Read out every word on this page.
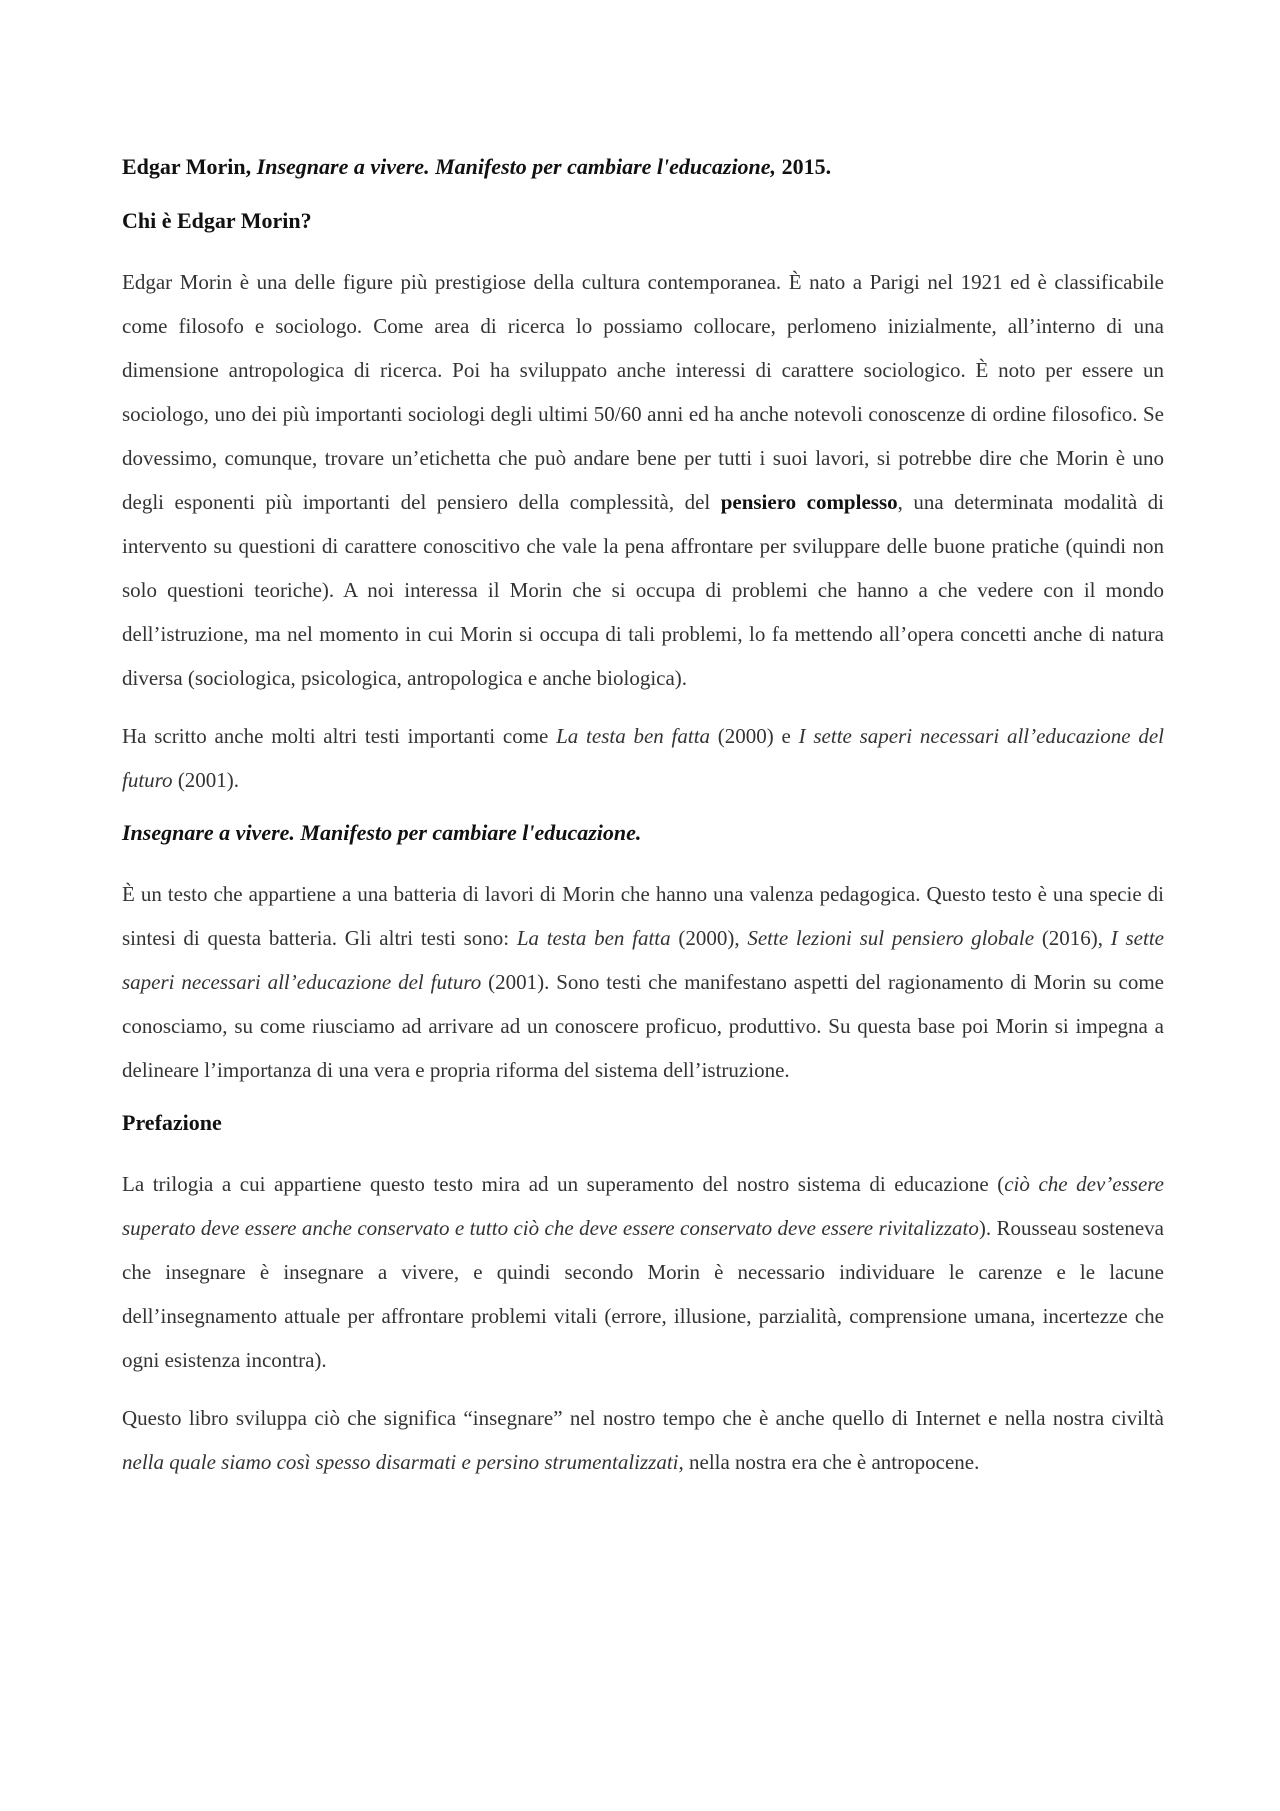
Edgar Morin, Insegnare a vivere. Manifesto per cambiare l'educazione, 2015.
Chi è Edgar Morin?

Edgar Morin è una delle figure più prestigiose della cultura contemporanea. È nato a Parigi nel 1921 ed è classificabile come filosofo e sociologo. Come area di ricerca lo possiamo collocare, perlomeno inizialmente, all’interno di una dimensione antropologica di ricerca. Poi ha sviluppato anche interessi di carattere sociologico. È noto per essere un sociologo, uno dei più importanti sociologi degli ultimi 50/60 anni ed ha anche notevoli conoscenze di ordine filosofico. Se dovessimo, comunque, trovare un’etichetta che può andare bene per tutti i suoi lavori, si potrebbe dire che Morin è uno degli esponenti più importanti del pensiero della complessità, del pensiero complesso, una determinata modalità di intervento su questioni di carattere conoscitivo che vale la pena affrontare per sviluppare delle buone pratiche (quindi non solo questioni teoriche). A noi interessa il Morin che si occupa di problemi che hanno a che vedere con il mondo dell’istruzione, ma nel momento in cui Morin si occupa di tali problemi, lo fa mettendo all’opera concetti anche di natura diversa (sociologica, psicologica, antropologica e anche biologica).

Ha scritto anche molti altri testi importanti come La testa ben fatta (2000) e I sette saperi necessari all’educazione del futuro (2001).

Insegnare a vivere. Manifesto per cambiare l'educazione.

È un testo che appartiene a una batteria di lavori di Morin che hanno una valenza pedagogica. Questo testo è una specie di sintesi di questa batteria. Gli altri testi sono: La testa ben fatta (2000), Sette lezioni sul pensiero globale (2016), I sette saperi necessari all’educazione del futuro (2001). Sono testi che manifestano aspetti del ragionamento di Morin su come conosciamo, su come riusciamo ad arrivare ad un conoscere proficuo, produttivo. Su questa base poi Morin si impegna a delineare l’importanza di una vera e propria riforma del sistema dell’istruzione.

Prefazione

La trilogia a cui appartiene questo testo mira ad un superamento del nostro sistema di educazione (ciò che dev’essere superato deve essere anche conservato e tutto ciò che deve essere conservato deve essere rivitalizzato). Rousseau sosteneva che insegnare è insegnare a vivere, e quindi secondo Morin è necessario individuare le carenze e le lacune dell’insegnamento attuale per affrontare problemi vitali (errore, illusione, parzialità, comprensione umana, incertezze che ogni esistenza incontra).

Questo libro sviluppa ciò che significa “insegnare” nel nostro tempo che è anche quello di Internet e nella nostra civiltà nella quale siamo così spesso disarmati e persino strumentalizzati, nella nostra era che è antropocene.
